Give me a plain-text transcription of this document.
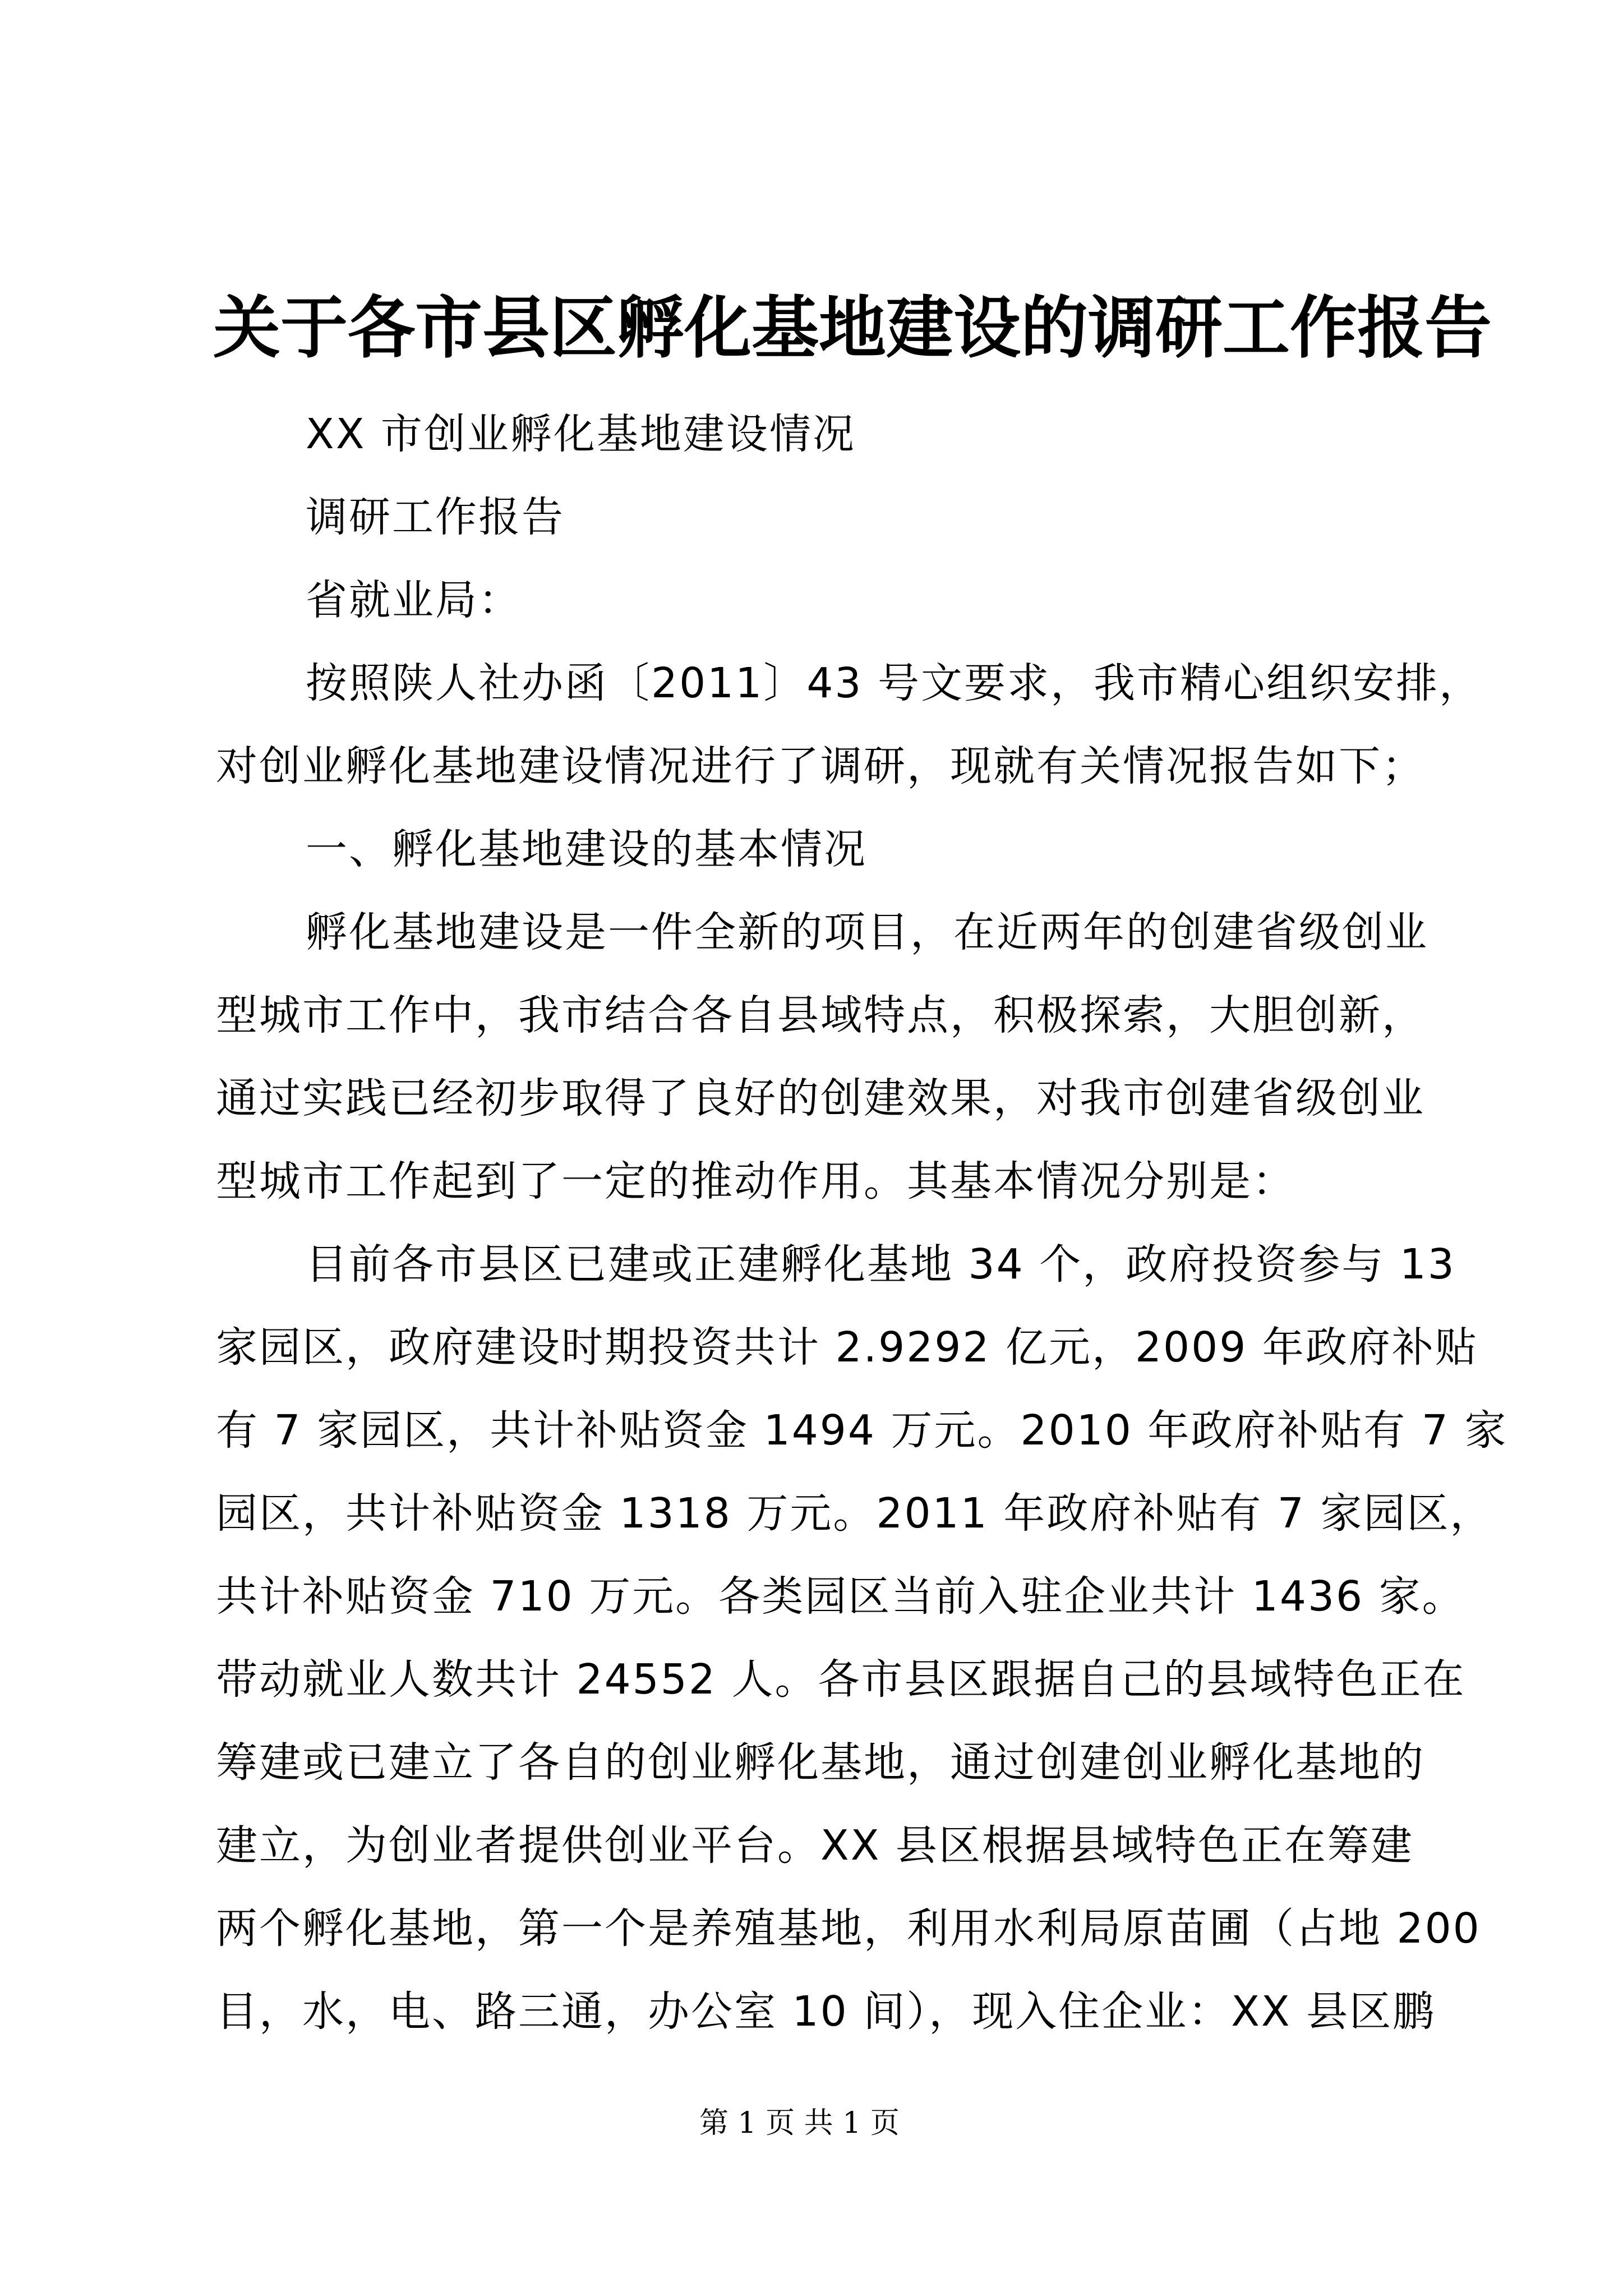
关于各市县区孵化基地建设的调研工作报告
XX 市创业孵化基地建设情况
调研工作报告
省就业局：
按照陕人社办函〔2011〕43 号文要求，我市精心组织安排，
对创业孵化基地建设情况进行了调研，现就有关情况报告如下；
一、孵化基地建设的基本情况
孵化基地建设是一件全新的项目，在近两年的创建省级创业
型城市工作中，我市结合各自县域特点，积极探索，大胆创新，
通过实践已经初步取得了良好的创建效果，对我市创建省级创业
型城市工作起到了一定的推动作用。其基本情况分别是：
目前各市县区已建或正建孵化基地 34 个，政府投资参与 13
家园区，政府建设时期投资共计 2.9292 亿元，2009 年政府补贴
有 7 家园区，共计补贴资金 1494 万元。2010 年政府补贴有 7 家
园区，共计补贴资金 1318 万元。2011 年政府补贴有 7 家园区，
共计补贴资金 710 万元。各类园区当前入驻企业共计 1436 家。
带动就业人数共计 24552 人。各市县区跟据自己的县域特色正在
筹建或已建立了各自的创业孵化基地，通过创建创业孵化基地的
建立，为创业者提供创业平台。XX 县区根据县域特色正在筹建
两个孵化基地，第一个是养殖基地，利用水利局原苗圃（占地 200
目，水，电、路三通，办公室 10 间），现入住企业：XX 县区鹏
第 1 页 共 1 页
